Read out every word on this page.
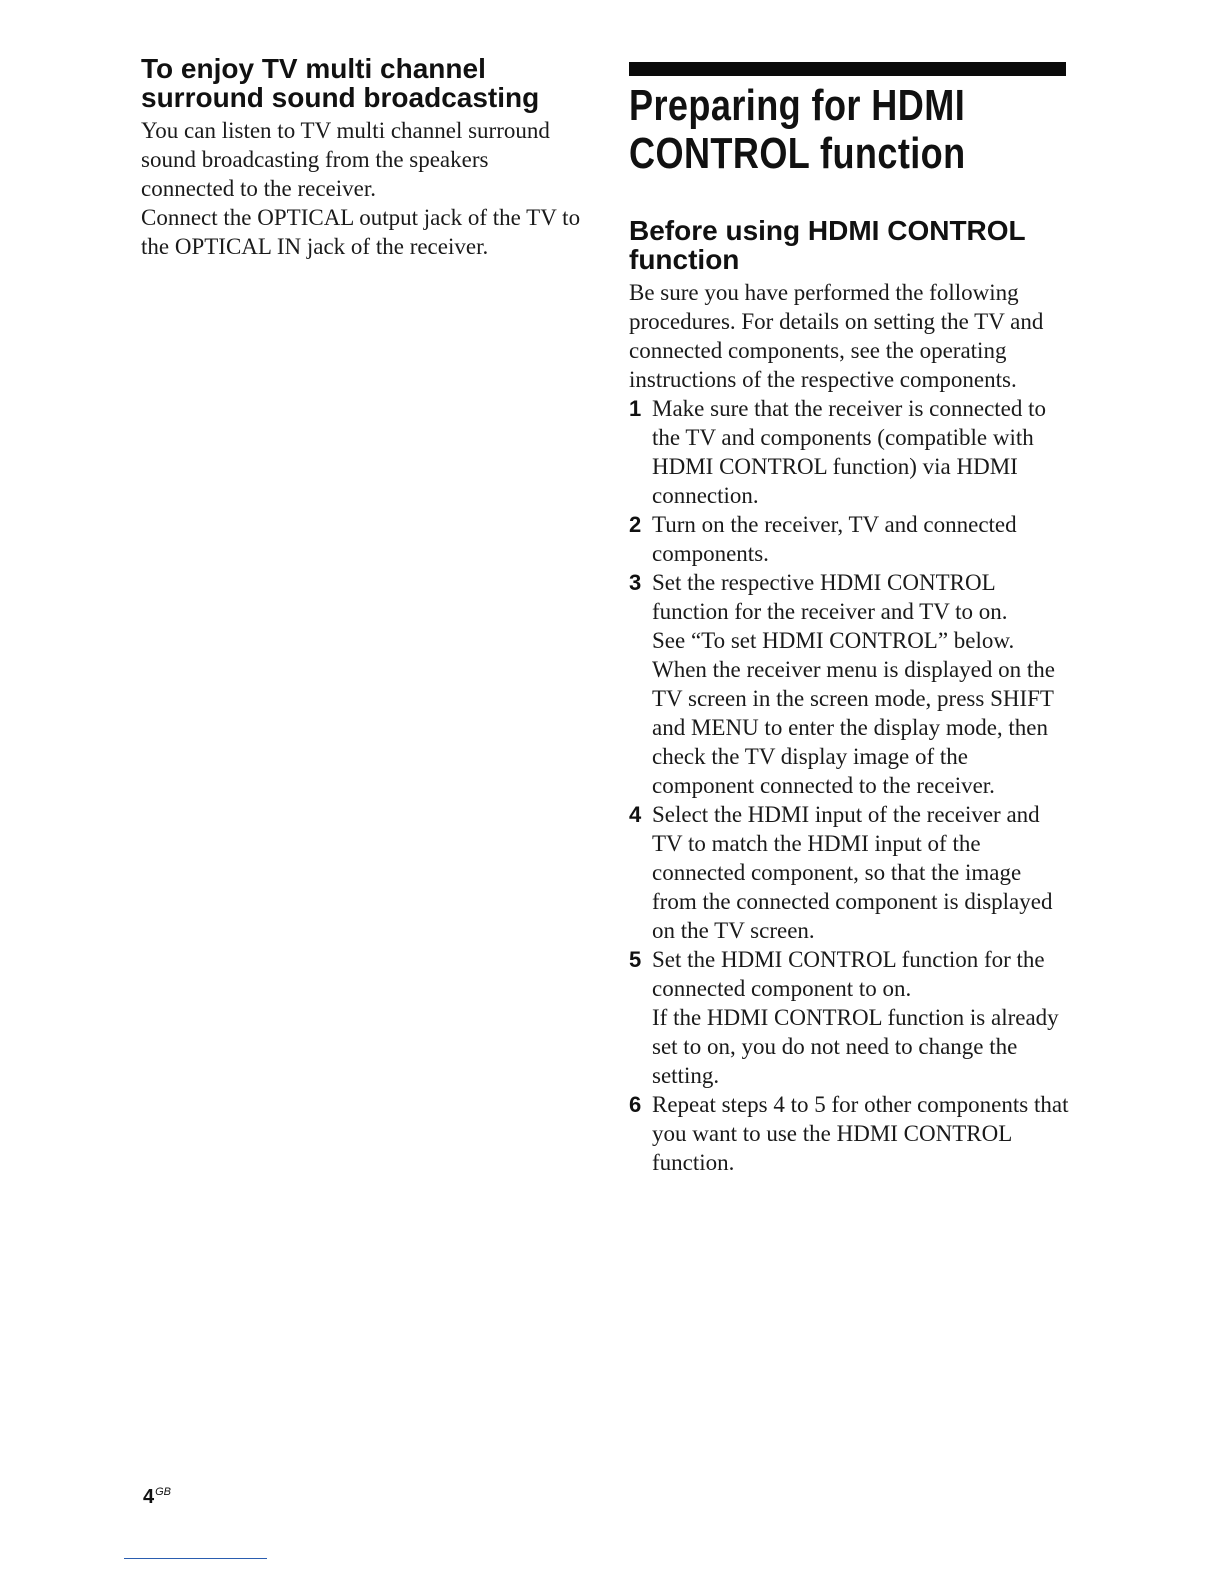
To enjoy TV multi channel
surround sound broadcasting

You can listen to TV multi channel surround sound broadcasting from the speakers connected to the receiver.

Connect the OPTICAL output jack of the TV to the OPTICAL IN jack of the receiver.

Preparing for HDMI
CONTROL function
Before using HDMI CONTROL function

Be sure you have performed the following procedures. For details on setting the TV and connected components, see the operating instructions of the respective components.

1 Make sure that the receiver is connected to the TV and components (compatible with HDMI CONTROL function) via HDMI connection.

2 Turn on the receiver, TV and connected components.

3 Set the respective HDMI CONTROL function for the receiver and TV to on.

See “To set HDMI CONTROL” below.

When the receiver menu is displayed on the TV screen in the screen mode, press SHIFT and MENU to enter the display mode, then check the TV display image of the component connected to the receiver.

4 Select the HDMI input of the receiver and TV to match the HDMI input of the connected component, so that the image from the connected component is displayed on the TV screen.

5 Set the HDMI CONTROL function for the connected component to on.

If the HDMI CONTROL function is already set to on, you do not need to change the setting.

6 Repeat steps 4 to 5 for other components that you want to use the HDMI CONTROL function.

$4^{GB}$
